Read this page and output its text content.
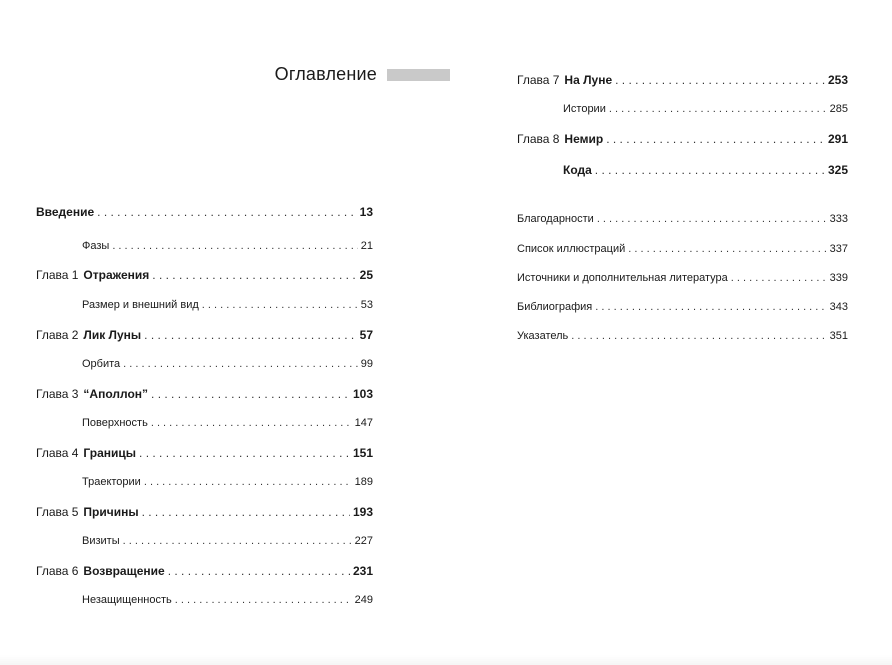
Оглавление
Введение . . .	13
Фазы . . .	21
Глава 1 Отражения . . .	25
Размер и внешний вид . . .	53
Глава 2 Лик Луны . . .	57
Орбита . . .	99
Глава 3 “Аполлон” . . .	103
Поверхность . . .	147
Глава 4 Границы . . .	151
Траектории . . .	189
Глава 5 Причины . . .	193
Визиты . . .	227
Глава 6 Возвращение . . .	231
Незащищенность . . .	249
Глава 7 На Луне . . .	253
Истории . . .	285
Глава 8 Немир . . .	291
Кода . . .	325
Благодарности . . .	333
Список иллюстраций . . .	337
Источники и дополнительная литература . . .	339
Библиография . . .	343
Указатель . . .	351
